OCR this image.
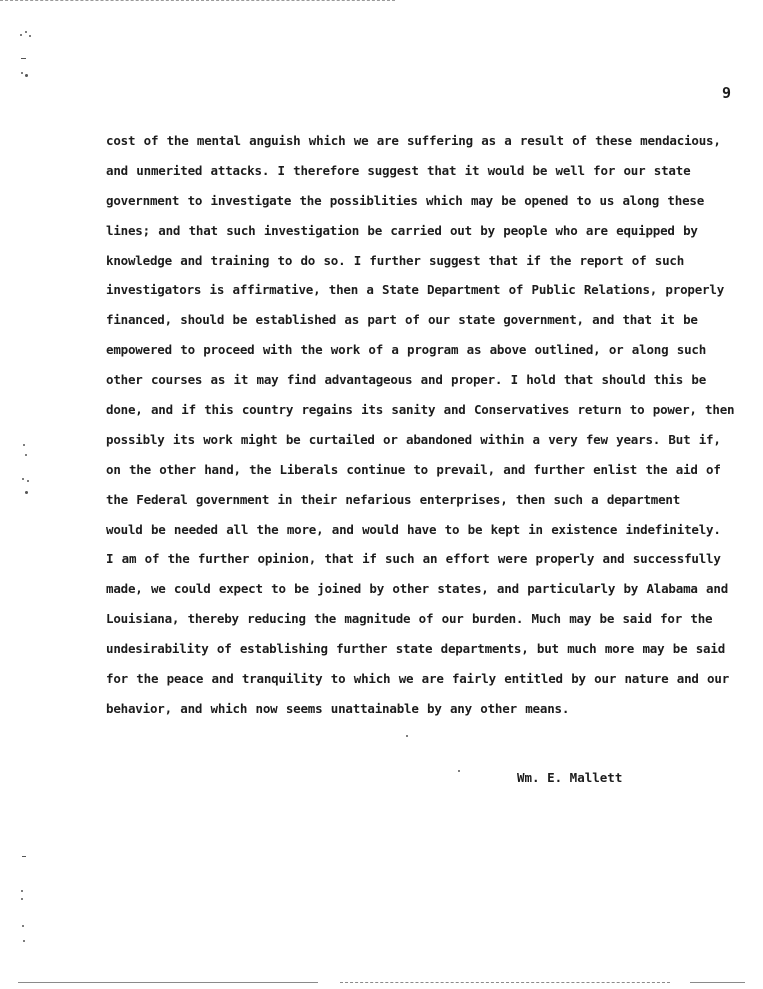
9
cost of the mental anguish which we are suffering as a result of these mendacious,
and unmerited attacks. I therefore suggest that it would be well for our state
government to investigate the possiblities which may be opened to us along these
lines; and that such investigation be carried out by people who are equipped by
knowledge and training to do so. I further suggest that if the report of such
investigators is affirmative, then a State Department of Public Relations, properly
financed, should be established as part of our state government, and that it be
empowered to proceed with the work of a program as above outlined, or along such
other courses as it may find advantageous and proper. I hold that should this be
done, and if this country regains its sanity and Conservatives return to power, then
possibly its work might be curtailed or abandoned within a very few years. But if,
on the other hand, the Liberals continue to prevail, and further enlist the aid of
the Federal government in their nefarious enterprises, then such a department
would be needed all the more, and would have to be kept in existence indefinitely.
I am of the further opinion, that if such an effort were properly and successfully
made, we could expect to be joined by other states, and particularly by Alabama and
Louisiana, thereby reducing the magnitude of our burden. Much may be said for the
undesirability of establishing further state departments, but much more may be said
for the peace and tranquility to which we are fairly entitled by our nature and our
behavior, and which now seems unattainable by any other means.
Wm. E. Mallett
